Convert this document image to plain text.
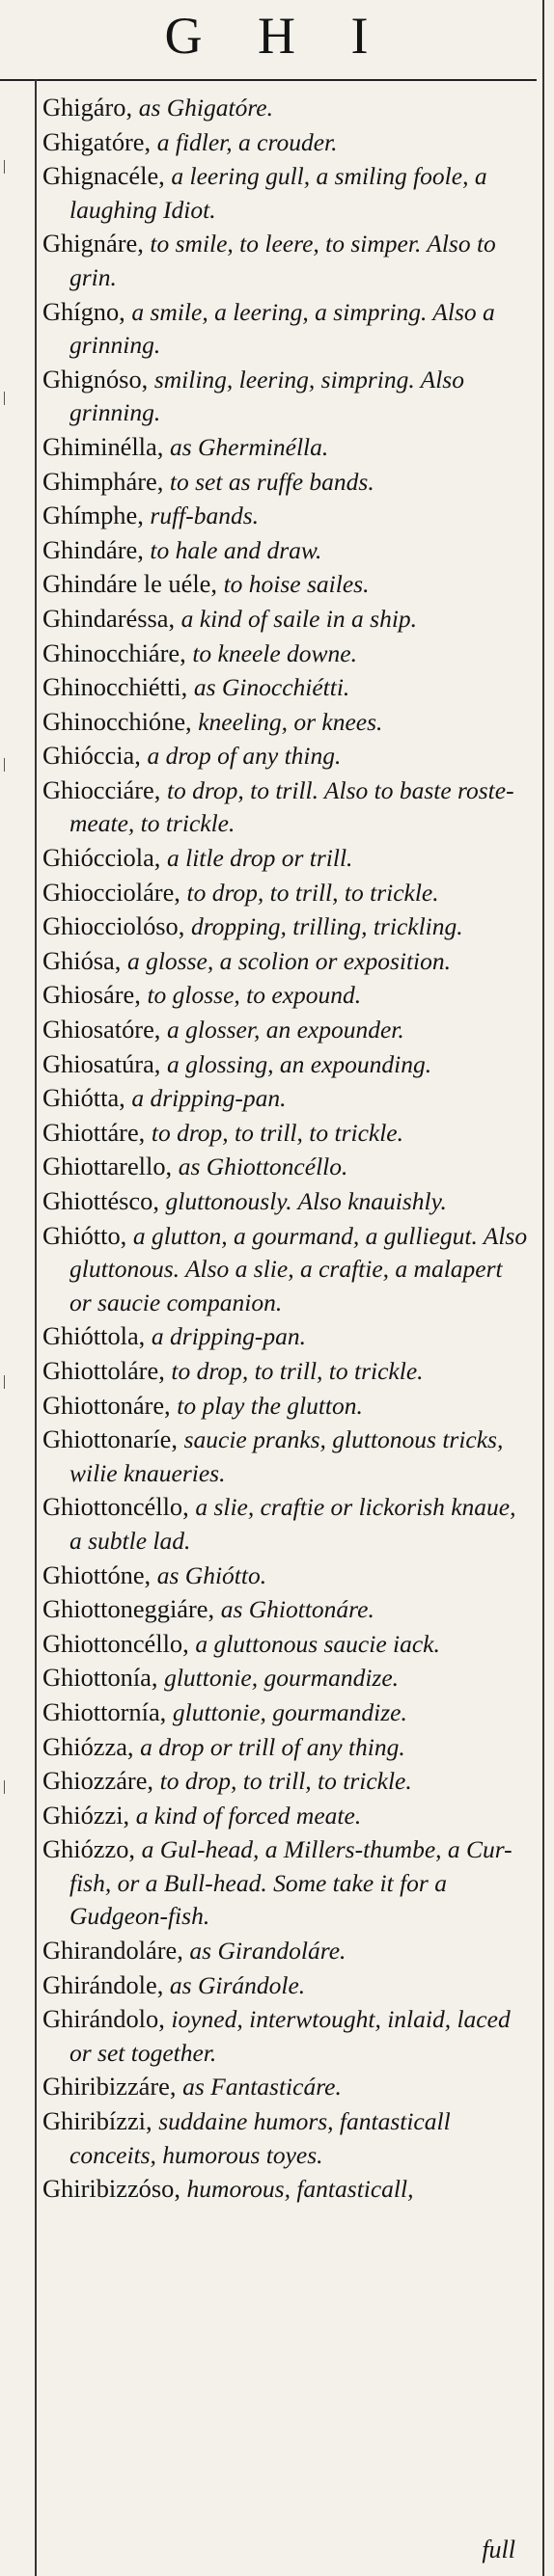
G H I
Ghigáro, as Ghigatóre.
Ghigatóre, a fidler, a crouder.
Ghignacéle, a leering gull, a smiling foole, a laughing Idiot.
Ghignáre, to smile, to leere, to simper. Also to grin.
Ghígno, a smile, a leering, a simpring. Also a grinning.
Ghignóso, smiling, leering, simpring. Also grinning.
Ghiminélla, as Gherminélla.
Ghimpháre, to set as ruffe bands.
Ghímphe, ruff-bands.
Ghindáre, to hale and draw.
Ghindáre le uéle, to hoise sailes.
Ghindaréssa, a kind of saile in a ship.
Ghinocchiáre, to kneele downe.
Ghinocchiétti, as Ginocchiétti.
Ghinocchióne, kneeling, or knees.
Ghióccia, a drop of any thing.
Ghiocciáre, to drop, to trill. Also to baste roste-meate, to trickle.
Ghiócciola, a litle drop or trill.
Ghioccioláre, to drop, to trill, to trickle.
Ghiocciolóso, dropping, trilling, trickling.
Ghiósa, a glosse, a scolion or exposition.
Ghiosáre, to glosse, to expound.
Ghiosatóre, a glosser, an expounder.
Ghiosatúra, a glossing, an expounding.
Ghiótta, a dripping-pan.
Ghiottáre, to drop, to trill, to trickle.
Ghiottarello, as Ghiottoncéllo.
Ghiottésco, gluttonously. Also knauishly.
Ghiótto, a glutton, a gourmand, a gulliegut. Also gluttonous. Also a slie, a craftie, a malapert or saucie companion.
Ghióttola, a dripping-pan.
Ghiottoláre, to drop, to trill, to trickle.
Ghiottonáre, to play the glutton.
Ghiottonaríe, saucie pranks, gluttonous tricks, wilie knaueries.
Ghiottoncéllo, a slie, craftie or lickorish knaue, a subtle lad.
Ghiottóne, as Ghiótto.
Ghiottoneggiáre, as Ghiottonáre.
Ghiottoncéllo, a gluttonous saucie iack.
Ghiottonía, gluttonie, gourmandize.
Ghiottornía, gluttonie, gourmandize.
Ghiózza, a drop or trill of any thing.
Ghiozzáre, to drop, to trill, to trickle.
Ghiózzi, a kind of forced meate.
Ghiózzo, a Gul-head, a Millers-thumbe, a Cur-fish, or a Bull-head. Some take it for a Gudgeon-fish.
Ghirandoláre, as Girandoláre.
Ghirándole, as Girándole.
Ghirándolo, ioyned, interwtought, inlaid, laced or set together.
Ghiribizzáre, as Fantasticáre.
Ghiribízzi, suddaine humors, fantasticall conceits, humorous toyes.
Ghiribizzóso, humorous, fantasticall,
full
